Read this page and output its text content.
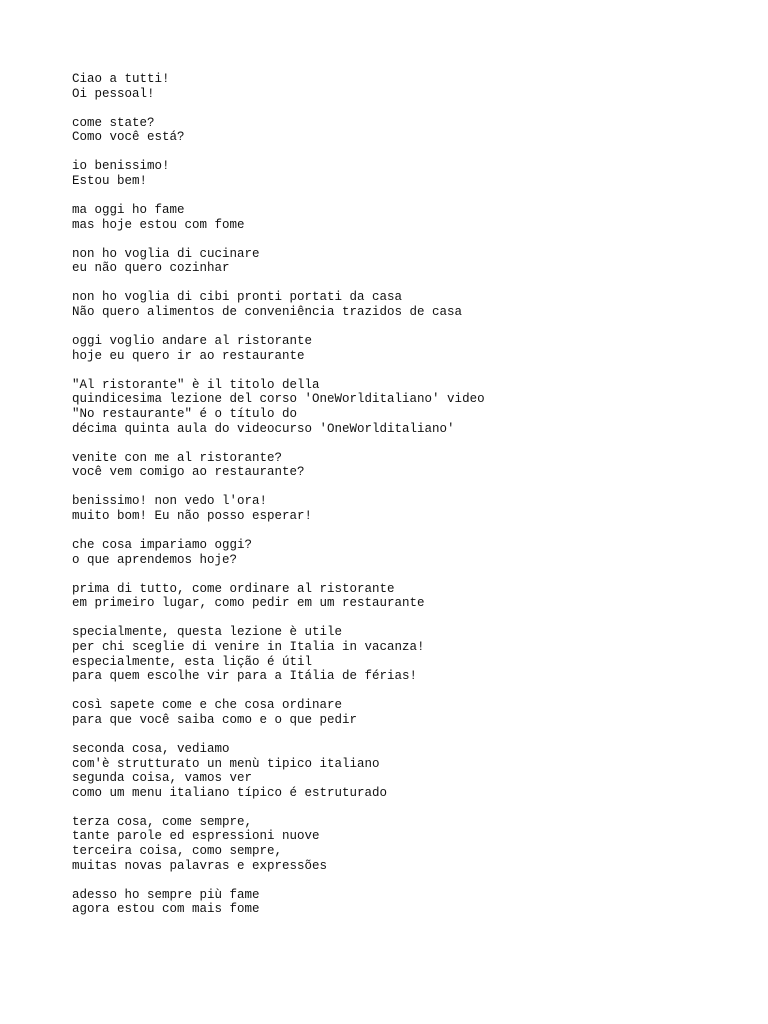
Ciao a tutti!
Oi pessoal!
come state?
Como você está?
io benissimo!
Estou bem!
ma oggi ho fame
mas hoje estou com fome
non ho voglia di cucinare
eu não quero cozinhar
non ho voglia di cibi pronti portati da casa
Não quero alimentos de conveniência trazidos de casa
oggi voglio andare al ristorante
hoje eu quero ir ao restaurante
"Al ristorante" è il titolo della
quindicesima lezione del corso 'OneWorlditaliano' video
"No restaurante" é o título do
décima quinta aula do videocurso 'OneWorlditaliano'
venite con me al ristorante?
você vem comigo ao restaurante?
benissimo! non vedo l'ora!
muito bom! Eu não posso esperar!
che cosa impariamo oggi?
o que aprendemos hoje?
prima di tutto, come ordinare al ristorante
em primeiro lugar, como pedir em um restaurante
specialmente, questa lezione è utile
per chi sceglie di venire in Italia in vacanza!
especialmente, esta lição é útil
para quem escolhe vir para a Itália de férias!
così sapete come e che cosa ordinare
para que você saiba como e o que pedir
seconda cosa, vediamo
com'è strutturato un menù tipico italiano
segunda coisa, vamos ver
como um menu italiano típico é estruturado
terza cosa, come sempre,
tante parole ed espressioni nuove
terceira coisa, como sempre,
muitas novas palavras e expressões
adesso ho sempre più fame
agora estou com mais fome
